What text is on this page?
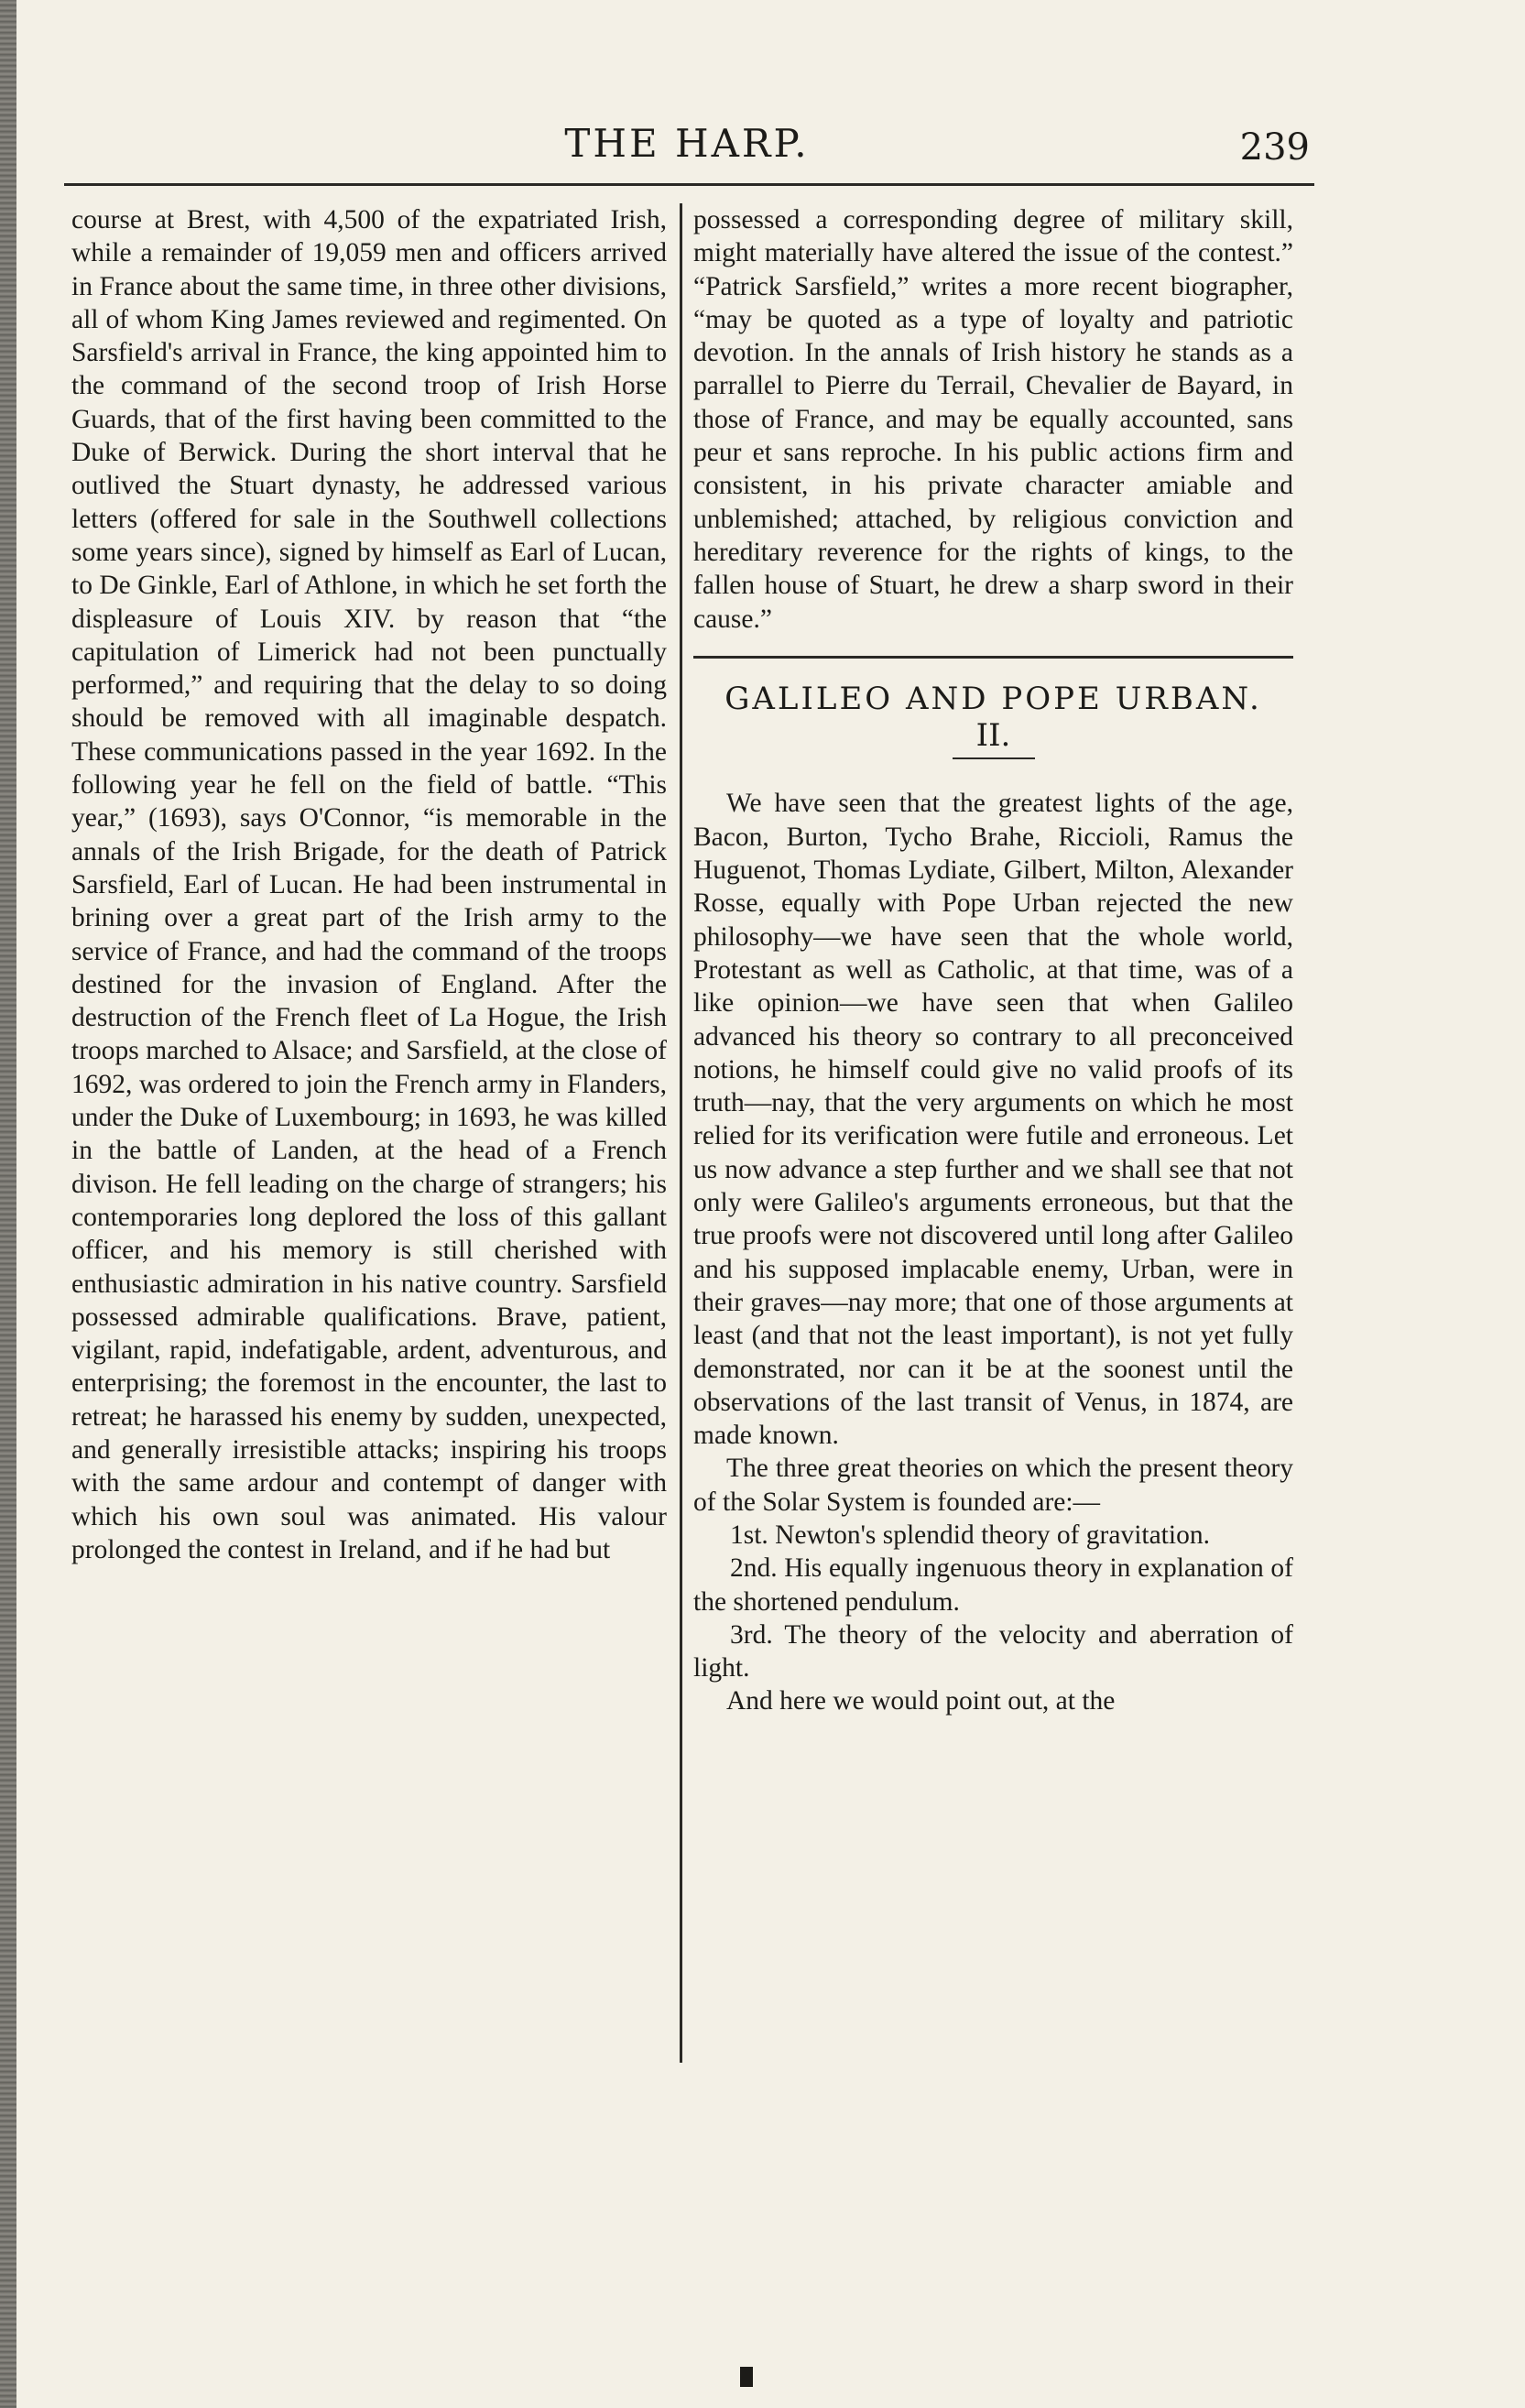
THE HARP.	239

course at Brest, with 4,500 of the expatriated Irish, while a remainder of 19,059 men and officers arrived in France about the same time, in three other divisions, all of whom King James reviewed and regimented. On Sarsfield's arrival in France, the king appointed him to the command of the second troop of Irish Horse Guards, that of the first having been committed to the Duke of Berwick. During the short interval that he outlived the Stuart dynasty, he addressed various letters (offered for sale in the Southwell collections some years since), signed by himself as Earl of Lucan, to De Ginkle, Earl of Athlone, in which he set forth the displeasure of Louis XIV. by reason that “the capitulation of Limerick had not been punctually performed,” and requiring that the delay to so doing should be removed with all imaginable despatch. These communications passed in the year 1692. In the following year he fell on the field of battle. “This year,” (1693), says O'Connor, “is memorable in the annals of the Irish Brigade, for the death of Patrick Sarsfield, Earl of Lucan. He had been instrumental in brining over a great part of the Irish army to the service of France, and had the command of the troops destined for the invasion of England. After the destruction of the French fleet of La Hogue, the Irish troops marched to Alsace; and Sarsfield, at the close of 1692, was ordered to join the French army in Flanders, under the Duke of Luxembourg; in 1693, he was killed in the battle of Landen, at the head of a French divison. He fell leading on the charge of strangers; his contemporaries long deplored the loss of this gallant officer, and his memory is still cherished with enthusiastic admiration in his native country. Sarsfield possessed admirable qualifications. Brave, patient, vigilant, rapid, indefatigable, ardent, adventurous, and enterprising; the foremost in the encounter, the last to retreat; he harassed his enemy by sudden, unexpected, and generally irresistible attacks; inspiring his troops with the same ardour and contempt of danger with which his own soul was animated. His valour prolonged the contest in Ireland, and if he had but

possessed a corresponding degree of military skill, might materially have altered the issue of the contest.” “Patrick Sarsfield,” writes a more recent biographer, “may be quoted as a type of loyalty and patriotic devotion. In the annals of Irish history he stands as a parrallel to Pierre du Terrail, Chevalier de Bayard, in those of France, and may be equally accounted, sans peur et sans reproche. In his public actions firm and consistent, in his private character amiable and unblemished; attached, by religious conviction and hereditary reverence for the rights of kings, to the fallen house of Stuart, he drew a sharp sword in their cause.”

GALILEO AND POPE URBAN.
II.

We have seen that the greatest lights of the age, Bacon, Burton, Tycho Brahe, Riccioli, Ramus the Huguenot, Thomas Lydiate, Gilbert, Milton, Alexander Rosse, equally with Pope Urban rejected the new philosophy—we have seen that the whole world, Protestant as well as Catholic, at that time, was of a like opinion—we have seen that when Galileo advanced his theory so contrary to all preconceived notions, he himself could give no valid proofs of its truth—nay, that the very arguments on which he most relied for its verification were futile and erroneous. Let us now advance a step further and we shall see that not only were Galileo's arguments erroneous, but that the true proofs were not discovered until long after Galileo and his supposed implacable enemy, Urban, were in their graves—nay more; that one of those arguments at least (and that not the least important), is not yet fully demonstrated, nor can it be at the soonest until the observations of the last transit of Venus, in 1874, are made known.

The three great theories on which the present theory of the Solar System is founded are:—

1st. Newton's splendid theory of gravitation.

2nd. His equally ingenuous theory in explanation of the shortened pendulum.

3rd. The theory of the velocity and aberration of light.

And here we would point out, at the
